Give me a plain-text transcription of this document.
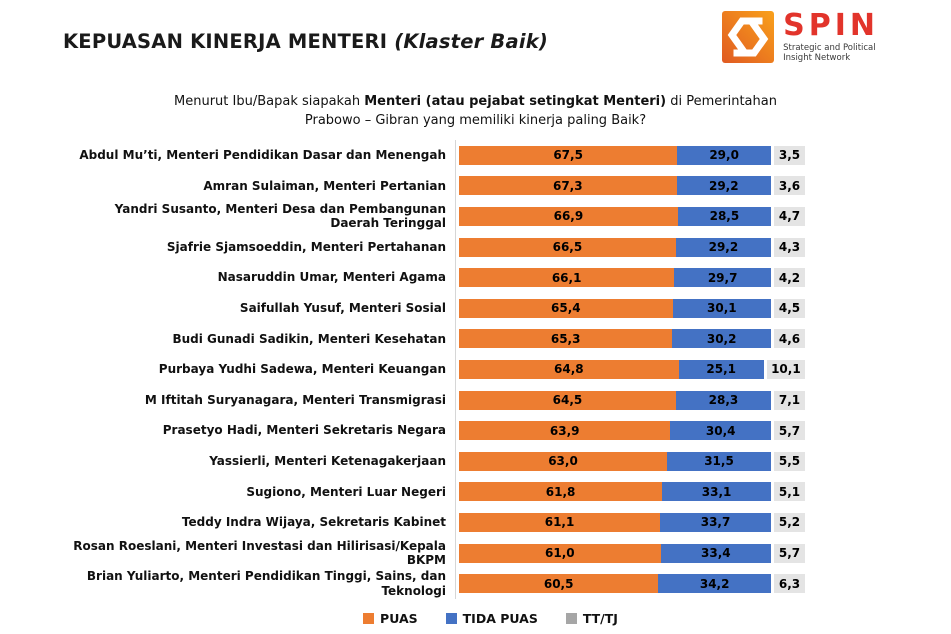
KEPUASAN KINERJA MENTERI (Klaster Baik)	SPIN
Strategic and Political
Insight Network
Menurut Ibu/Bapak siapakah Menteri (atau pejabat setingkat Menteri) di Pemerintahan
Prabowo – Gibran yang memiliki kinerja paling Baik?
Abdul Mu’ti, Menteri Pendidikan Dasar dan Menengah	67,5	29,0	3,5
Amran Sulaiman, Menteri Pertanian	67,3	29,2	3,6
Yandri Susanto, Menteri Desa dan Pembangunan Daerah Teringgal	66,9	28,5	4,7
Sjafrie Sjamsoeddin, Menteri Pertahanan	66,5	29,2	4,3
Nasaruddin Umar, Menteri Agama	66,1	29,7	4,2
Saifullah Yusuf, Menteri Sosial	65,4	30,1	4,5
Budi Gunadi Sadikin, Menteri Kesehatan	65,3	30,2	4,6
Purbaya Yudhi Sadewa, Menteri Keuangan	64,8	25,1	10,1
M Iftitah Suryanagara, Menteri Transmigrasi	64,5	28,3	7,1
Prasetyo Hadi, Menteri Sekretaris Negara	63,9	30,4	5,7
Yassierli, Menteri Ketenagakerjaan	63,0	31,5	5,5
Sugiono, Menteri Luar Negeri	61,8	33,1	5,1
Teddy Indra Wijaya, Sekretaris Kabinet	61,1	33,7	5,2
Rosan Roeslani, Menteri Investasi dan Hilirisasi/Kepala BKPM	61,0	33,4	5,7
Brian Yuliarto, Menteri Pendidikan Tinggi, Sains, dan Teknologi	60,5	34,2	6,3
PUAS	TIDA PUAS	TT/TJ
